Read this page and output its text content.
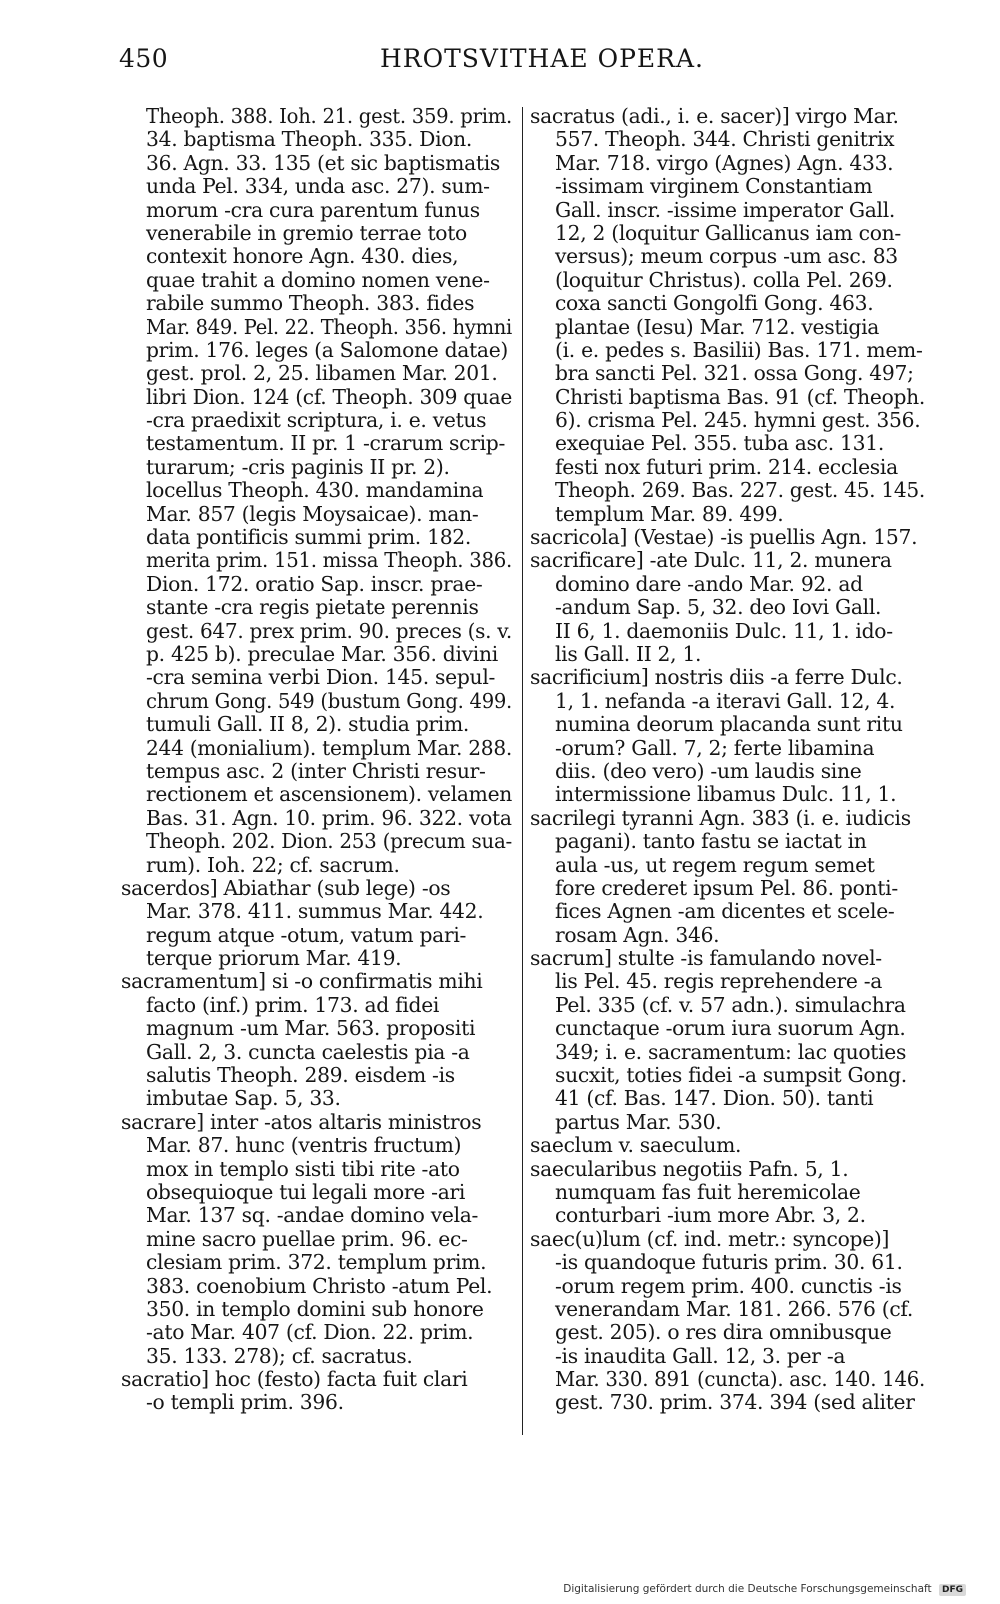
450	HROTSVITHAE OPERA.
Theoph. 388. Ioh. 21. gest. 359. prim.
34. baptisma Theoph. 335. Dion.
36. Agn. 33. 135 (et sic baptismatis
unda Pel. 334, unda asc. 27). sum-
morum -cra cura parentum funus
venerabile in gremio terrae toto
contexit honore Agn. 430. dies,
quae trahit a domino nomen vene-
rabile summo Theoph. 383. fides
Mar. 849. Pel. 22. Theoph. 356. hymni
prim. 176. leges (a Salomone datae)
gest. prol. 2, 25. libamen Mar. 201.
libri Dion. 124 (cf. Theoph. 309 quae
-cra praedixit scriptura, i. e. vetus
testamentum. II pr. 1 -crarum scrip-
turarum; -cris paginis II pr. 2).
locellus Theoph. 430. mandamina
Mar. 857 (legis Moysaicae). man-
data pontificis summi prim. 182.
merita prim. 151. missa Theoph. 386.
Dion. 172. oratio Sap. inscr. prae-
stante -cra regis pietate perennis
gest. 647. prex prim. 90. preces (s. v.
p. 425 b). preculae Mar. 356. divini
-cra semina verbi Dion. 145. sepul-
chrum Gong. 549 (bustum Gong. 499.
tumuli Gall. II 8, 2). studia prim.
244 (monialium). templum Mar. 288.
tempus asc. 2 (inter Christi resur-
rectionem et ascensionem). velamen
Bas. 31. Agn. 10. prim. 96. 322. vota
Theoph. 202. Dion. 253 (precum sua-
rum). Ioh. 22; cf. sacrum.
sacerdos] Abiathar (sub lege) -os
Mar. 378. 411. summus Mar. 442.
regum atque -otum, vatum pari-
terque priorum Mar. 419.
sacramentum] si -o confirmatis mihi
facto (inf.) prim. 173. ad fidei
magnum -um Mar. 563. propositi
Gall. 2, 3. cuncta caelestis pia -a
salutis Theoph. 289. eisdem -is
imbutae Sap. 5, 33.
sacrare] inter -atos altaris ministros
Mar. 87. hunc (ventris fructum)
mox in templo sisti tibi rite -ato
obsequioque tui legali more -ari
Mar. 137 sq. -andae domino vela-
mine sacro puellae prim. 96. ec-
clesiam prim. 372. templum prim.
383. coenobium Christo -atum Pel.
350. in templo domini sub honore
-ato Mar. 407 (cf. Dion. 22. prim.
35. 133. 278); cf. sacratus.
sacratio] hoc (festo) facta fuit clari
-o templi prim. 396.
sacratus (adi., i. e. sacer)] virgo Mar.
557. Theoph. 344. Christi genitrix
Mar. 718. virgo (Agnes) Agn. 433.
-issimam virginem Constantiam
Gall. inscr. -issime imperator Gall.
12, 2 (loquitur Gallicanus iam con-
versus); meum corpus -um asc. 83
(loquitur Christus). colla Pel. 269.
coxa sancti Gongolfi Gong. 463.
plantae (Iesu) Mar. 712. vestigia
(i. e. pedes s. Basilii) Bas. 171. mem-
bra sancti Pel. 321. ossa Gong. 497;
Christi baptisma Bas. 91 (cf. Theoph.
6). crisma Pel. 245. hymni gest. 356.
exequiae Pel. 355. tuba asc. 131.
festi nox futuri prim. 214. ecclesia
Theoph. 269. Bas. 227. gest. 45. 145.
templum Mar. 89. 499.
sacricola] (Vestae) -is puellis Agn. 157.
sacrificare] -ate Dulc. 11, 2. munera
domino dare -ando Mar. 92. ad
-andum Sap. 5, 32. deo Iovi Gall.
II 6, 1. daemoniis Dulc. 11, 1. ido-
lis Gall. II 2, 1.
sacrificium] nostris diis -a ferre Dulc.
1, 1. nefanda -a iteravi Gall. 12, 4.
numina deorum placanda sunt ritu
-orum? Gall. 7, 2; ferte libamina
diis. (deo vero) -um laudis sine
intermissione libamus Dulc. 11, 1.
sacrilegi tyranni Agn. 383 (i. e. iudicis
pagani). tanto fastu se iactat in
aula -us, ut regem regum semet
fore crederet ipsum Pel. 86. ponti-
fices Agnen -am dicentes et scele-
rosam Agn. 346.
sacrum] stulte -is famulando novel-
lis Pel. 45. regis reprehendere -a
Pel. 335 (cf. v. 57 adn.). simulachra
cunctaque -orum iura suorum Agn.
349; i. e. sacramentum: lac quoties
sucxit, toties fidei -a sumpsit Gong.
41 (cf. Bas. 147. Dion. 50). tanti
partus Mar. 530.
saeclum v. saeculum.
saecularibus negotiis Pafn. 5, 1.
numquam fas fuit heremicolae
conturbari -ium more Abr. 3, 2.
saec(u)lum (cf. ind. metr.: syncope)]
-is quandoque futuris prim. 30. 61.
-orum regem prim. 400. cunctis -is
venerandam Mar. 181. 266. 576 (cf.
gest. 205). o res dira omnibusque
-is inaudita Gall. 12, 3. per -a
Mar. 330. 891 (cuncta). asc. 140. 146.
gest. 730. prim. 374. 394 (sed aliter
Digitalisierung gefördert durch die Deutsche Forschungsgemeinschaft DFG
